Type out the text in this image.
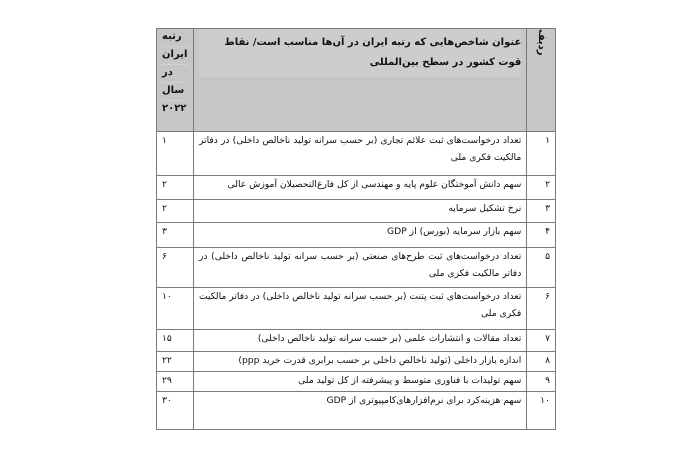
ردیف	عنوان شاخص‌هایی که رتبه ایران در آن‌ها مناسب است/ نقاط قوت کشور در سطح بین‌المللی	رتبه
ایران
در
سال
۲۰۲۲

۱	تعداد درخواست‌های ثبت علائم تجاری (بر حسب سرانه تولید ناخالص داخلی) در دفاتر مالکیت فکری ملی	۱
۲	سهم دانش آموختگان علوم پایه و مهندسی از کل فارغ‌التحصیلان آموزش عالی	۲
۳	نرخ تشکیل سرمایه	۲
۴	سهم بازار سرمایه (بورس) از GDP	۳
۵	تعداد درخواست‌های ثبت طرح‌های صنعتی (بر حسب سرانه تولید ناخالص داخلی) در دفاتر مالکیت فکری ملی	۶
۶	تعداد درخواست‌های ثبت پتنت (بر حسب سرانه تولید ناخالص داخلی) در دفاتر مالکیت فکری ملی	۱۰
۷	تعداد مقالات و انتشارات علمی (بر حسب سرانه تولید ناخالص داخلی)	۱۵
۸	اندازه بازار داخلی (تولید ناخالص داخلی بر حسب برابری قدرت خرید ppp)	۲۲
۹	سهم تولیدات با فناوری متوسط و پیشرفته از کل تولید ملی	۲۹
۱۰	سهم هزینه‌کرد برای نرم‌افزارهای‌کامپیوتری از GDP	۳۰
